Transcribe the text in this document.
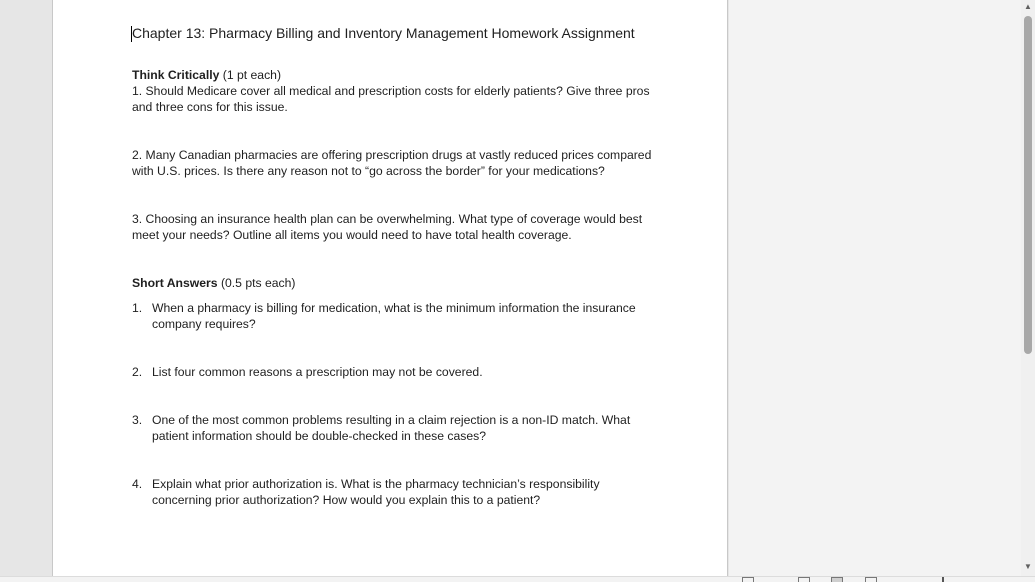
Chapter 13: Pharmacy Billing and Inventory Management Homework Assignment

Think Critically (1 pt each)

1. Should Medicare cover all medical and prescription costs for elderly patients? Give three pros and three cons for this issue.

2. Many Canadian pharmacies are offering prescription drugs at vastly reduced prices compared with U.S. prices. Is there any reason not to “go across the border” for your medications?

3. Choosing an insurance health plan can be overwhelming. What type of coverage would best meet your needs? Outline all items you would need to have total health coverage.

Short Answers (0.5 pts each)

1. When a pharmacy is billing for medication, what is the minimum information the insurance company requires?
2. List four common reasons a prescription may not be covered.
3. One of the most common problems resulting in a claim rejection is a non-ID match. What patient information should be double-checked in these cases?
4. Explain what prior authorization is. What is the pharmacy technician’s responsibility concerning prior authorization? How would you explain this to a patient?
▲
▼
